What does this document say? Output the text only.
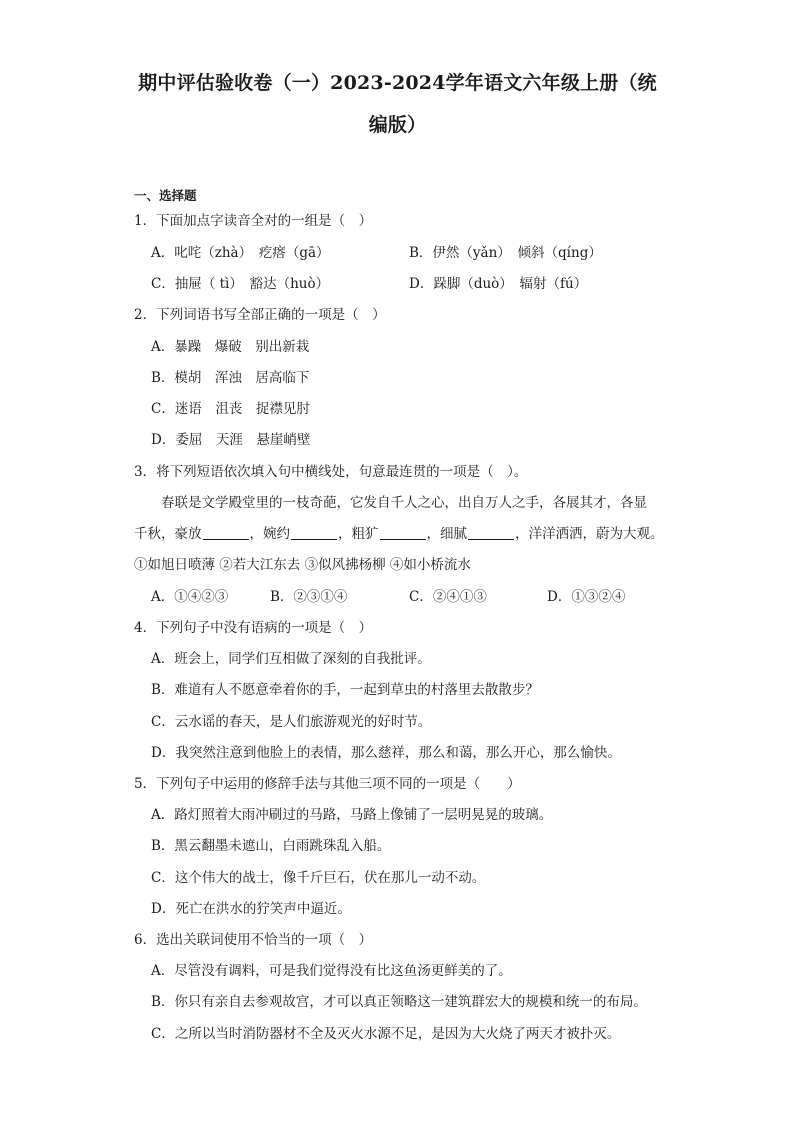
期中评估验收卷（一）2023-2024学年语文六年级上册（统
编版）
一、选择题
1．下面加点字读音全对的一组是（　）
A．叱咤（zhà）　疙瘩（gā）	B．伊然（yǎn）　倾斜（qíng）
C．抽屉（ tì）　豁达（huò）	D．跺脚（duò）　辐射（fú）
2．下列词语书写全部正确的一项是（　）
A．暴躁　爆破　别出新栽
B．模胡　浑浊　居高临下
C．迷语　沮丧　捉襟见肘
D．委屈　天涯　悬崖峭壁
3．将下列短语依次填入句中横线处，句意最连贯的一项是（　）。
春联是文学殿堂里的一枝奇葩，它发自千人之心，出自万人之手，各展其才，各显
千秋，豪放	，婉约	，粗犷	，细腻	，洋洋洒洒，蔚为大观。
①如旭日喷薄 ②若大江东去 ③似风拂杨柳 ④如小桥流水
A．①④②③	B．②③①④	C．②④①③	D．①③②④
4．下列句子中没有语病的一项是（　）
A．班会上，同学们互相做了深刻的自我批评。
B．难道有人不愿意牵着你的手，一起到草虫的村落里去散散步？
C．云水谣的春天，是人们旅游观光的好时节。
D．我突然注意到他脸上的表情，那么慈祥，那么和蔼，那么开心，那么愉快。
5．下列句子中运用的修辞手法与其他三项不同的一项是（　　）
A．路灯照着大雨冲刷过的马路，马路上像铺了一层明晃晃的玻璃。
B．黑云翻墨未遮山，白雨跳珠乱入船。
C．这个伟大的战士，像千斤巨石，伏在那儿一动不动。
D．死亡在洪水的狞笑声中逼近。
6．选出关联词使用不恰当的一项（　）
A．尽管没有调料，可是我们觉得没有比这鱼汤更鲜美的了。
B．你只有亲自去参观故宫，才可以真正领略这一建筑群宏大的规模和统一的布局。
C．之所以当时消防器材不全及灭火水源不足，是因为大火烧了两天才被扑灭。
